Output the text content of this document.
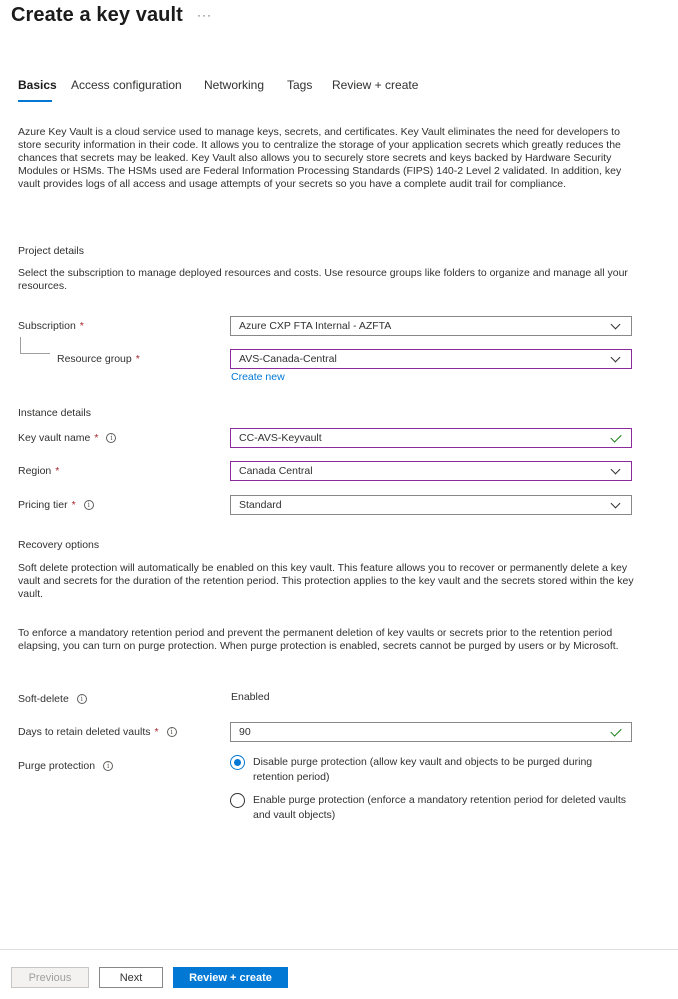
Create a key vault ···
Basics Access configuration Networking Tags Review + create
Azure Key Vault is a cloud service used to manage keys, secrets, and certificates. Key Vault eliminates the need for developers to store security information in their code. It allows you to centralize the storage of your application secrets which greatly reduces the chances that secrets may be leaked. Key Vault also allows you to securely store secrets and keys backed by Hardware Security Modules or HSMs. The HSMs used are Federal Information Processing Standards (FIPS) 140-2 Level 2 validated. In addition, key vault provides logs of all access and usage attempts of your secrets so you have a complete audit trail for compliance.
Project details
Select the subscription to manage deployed resources and costs. Use resource groups like folders to organize and manage all your resources.
Subscription *	Azure CXP FTA Internal - AZFTA
Resource group *	AVS-Canada-Central
Create new
Instance details
Key vault name *	i	CC-AVS-Keyvault
Region *	Canada Central
Pricing tier *	i	Standard
Recovery options
Soft delete protection will automatically be enabled on this key vault. This feature allows you to recover or permanently delete a key vault and secrets for the duration of the retention period. This protection applies to the key vault and the secrets stored within the key vault.
To enforce a mandatory retention period and prevent the permanent deletion of key vaults or secrets prior to the retention period elapsing, you can turn on purge protection. When purge protection is enabled, secrets cannot be purged by users or by Microsoft.
Soft-delete	i	Enabled
Days to retain deleted vaults *	i	90
Purge protection	i	Disable purge protection (allow key vault and objects to be purged during retention period)
Enable purge protection (enforce a mandatory retention period for deleted vaults and vault objects)
Previous	Next	Review + create
